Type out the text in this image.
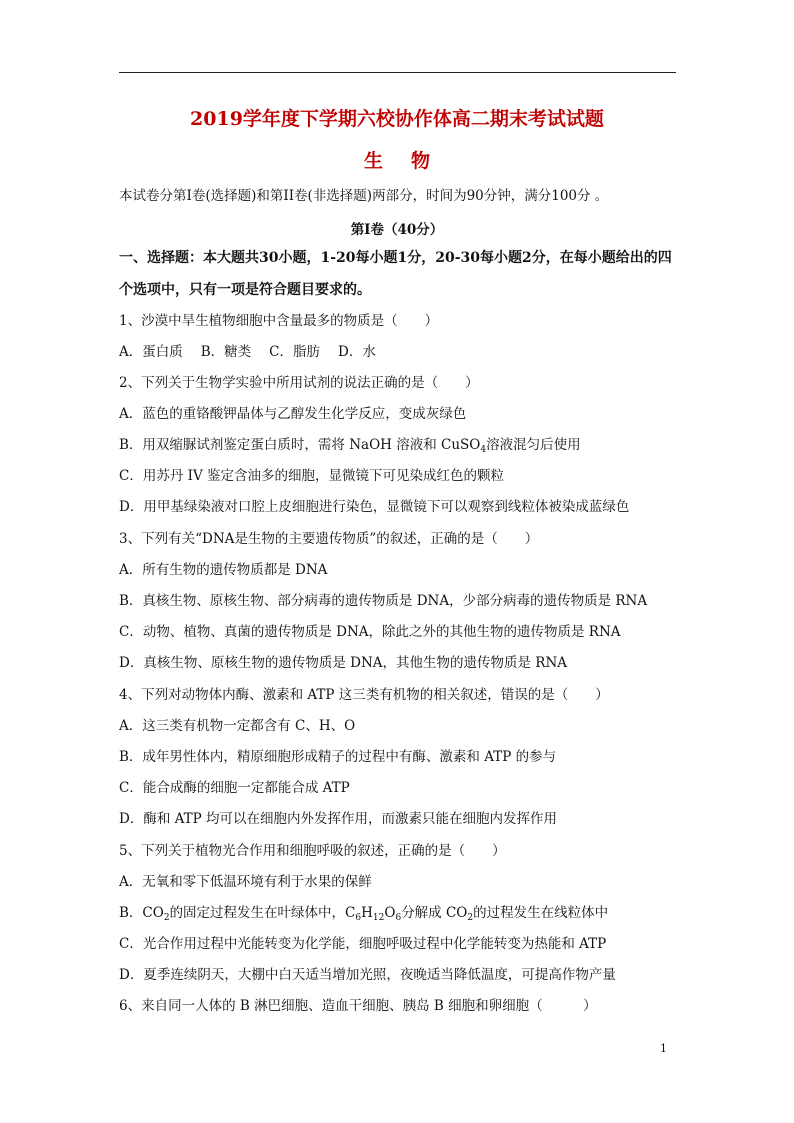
2019学年度下学期六校协作体高二期末考试试题
生物
本试卷分第I卷(选择题)和第II卷(非选择题)两部分，时间为90分钟，满分100分 。
第I卷（40分）
一、选择题：本大题共30小题，1-20每小题1分，20-30每小题2分，在每小题给出的四
个选项中，只有一项是符合题目要求的。
1、沙漠中旱生植物细胞中含量最多的物质是（　　）
A．蛋白质 B．糖类 C．脂肪 D．水
2、下列关于生物学实验中所用试剂的说法正确的是（　　）
A．蓝色的重铬酸钾晶体与乙醇发生化学反应，变成灰绿色
B．用双缩脲试剂鉴定蛋白质时，需将 NaOH 溶液和 CuSO$_4$溶液混匀后使用
C．用苏丹 IV 鉴定含油多的细胞，显微镜下可见染成红色的颗粒
D．用甲基绿染液对口腔上皮细胞进行染色，显微镜下可以观察到线粒体被染成蓝绿色
3、下列有关“DNA是生物的主要遗传物质”的叙述，正确的是（　　）
A．所有生物的遗传物质都是 DNA
B．真核生物、原核生物、部分病毒的遗传物质是 DNA，少部分病毒的遗传物质是 RNA
C．动物、植物、真菌的遗传物质是 DNA，除此之外的其他生物的遗传物质是 RNA
D．真核生物、原核生物的遗传物质是 DNA，其他生物的遗传物质是 RNA
4、下列对动物体内酶、激素和 ATP 这三类有机物的相关叙述，错误的是（　　）
A．这三类有机物一定都含有 C、H、O
B．成年男性体内，精原细胞形成精子的过程中有酶、激素和 ATP 的参与
C．能合成酶的细胞一定都能合成 ATP
D．酶和 ATP 均可以在细胞内外发挥作用，而激素只能在细胞内发挥作用
5、下列关于植物光合作用和细胞呼吸的叙述，正确的是（　　）
A．无氧和零下低温环境有利于水果的保鲜
B．$CO_2$的固定过程发生在叶绿体中，$C_6H_{12}O_6$分解成 $CO_2$的过程发生在线粒体中
C．光合作用过程中光能转变为化学能，细胞呼吸过程中化学能转变为热能和 ATP
D．夏季连续阴天，大棚中白天适当增加光照，夜晚适当降低温度，可提高作物产量
6、来自同一人体的 B 淋巴细胞、造血干细胞、胰岛 B 细胞和卵细胞（　　　）
1
